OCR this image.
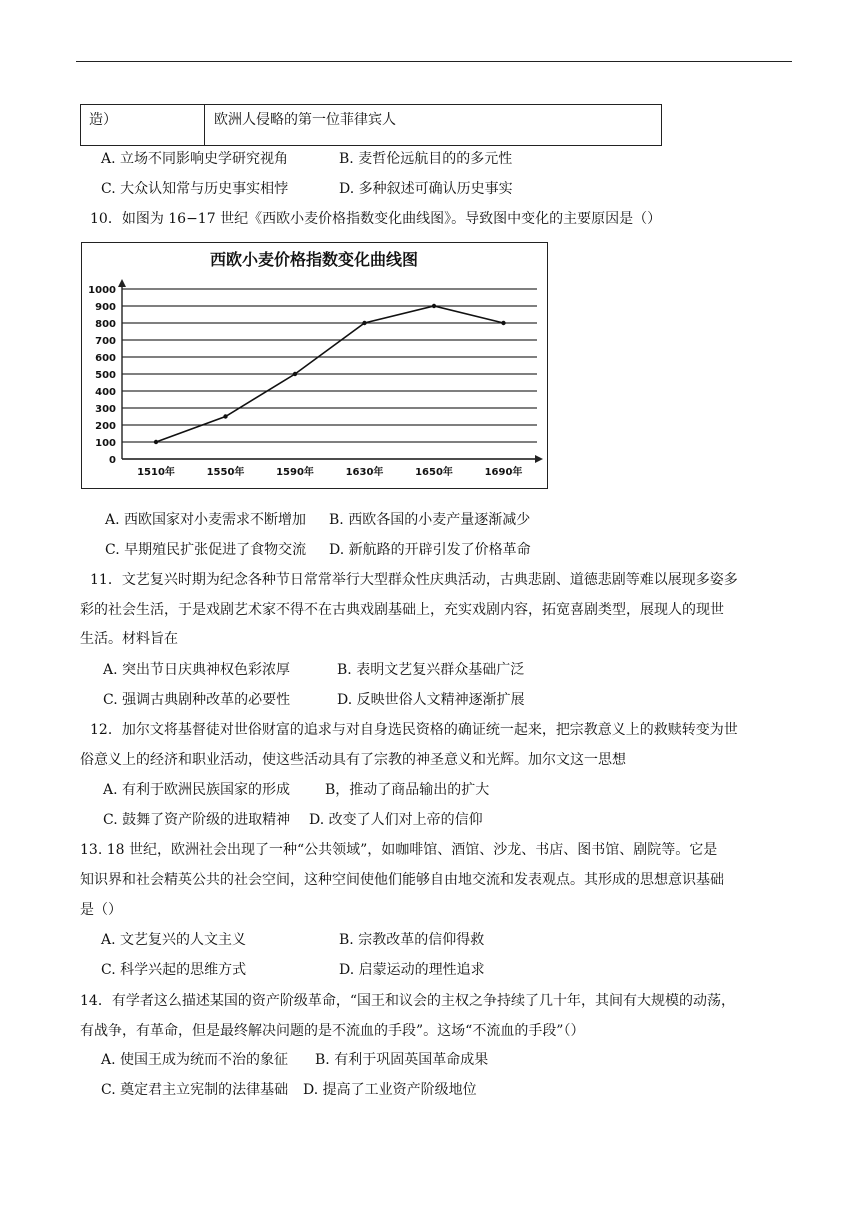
造）	欧洲人侵略的第一位菲律宾人
A. 立场不同影响史学研究视角	B. 麦哲伦远航目的的多元性
C. 大众认知常与历史事实相悖	D. 多种叙述可确认历史事实
10．如图为 16−17 世纪《西欧小麦价格指数变化曲线图》。导致图中变化的主要原因是（）
西欧小麦价格指数变化曲线图
0
100
200
300
400
500
600
700
800
900
1000
1510年	1550年	1590年	1630年	1650年	1690年
A. 西欧国家对小麦需求不断增加 B. 西欧各国的小麦产量逐渐减少
C. 早期殖民扩张促进了食物交流 D. 新航路的开辟引发了价格革命
11．文艺复兴时期为纪念各种节日常常举行大型群众性庆典活动，古典悲剧、道德悲剧等难以展现多姿多
彩的社会生活，于是戏剧艺术家不得不在古典戏剧基础上，充实戏剧内容，拓宽喜剧类型，展现人的现世
生活。材料旨在
A. 突出节日庆典神权色彩浓厚	B. 表明文艺复兴群众基础广泛
C. 强调古典剧种改革的必要性	D. 反映世俗人文精神逐渐扩展
12．加尔文将基督徒对世俗财富的追求与对自身选民资格的确证统一起来，把宗教意义上的救赎转变为世
俗意义上的经济和职业活动，使这些活动具有了宗教的神圣意义和光辉。加尔文这一思想
A. 有利于欧洲民族国家的形成 B，推动了商品输出的扩大
C. 鼓舞了资产阶级的进取精神 D. 改变了人们对上帝的信仰
13. 18 世纪，欧洲社会出现了一种“公共领域”，如咖啡馆、酒馆、沙龙、书店、图书馆、剧院等。它是
知识界和社会精英公共的社会空间，这种空间使他们能够自由地交流和发表观点。其形成的思想意识基础
是（）
A. 文艺复兴的人文主义	B. 宗教改革的信仰得救
C. 科学兴起的思维方式	D. 启蒙运动的理性追求
14．有学者这么描述某国的资产阶级革命，“国王和议会的主权之争持续了几十年，其间有大规模的动荡，
有战争，有革命，但是最终解决问题的是不流血的手段”。这场“不流血的手段”（）
A. 使国王成为统而不治的象征 B. 有利于巩固英国革命成果
C. 奠定君主立宪制的法律基础 D. 提高了工业资产阶级地位
